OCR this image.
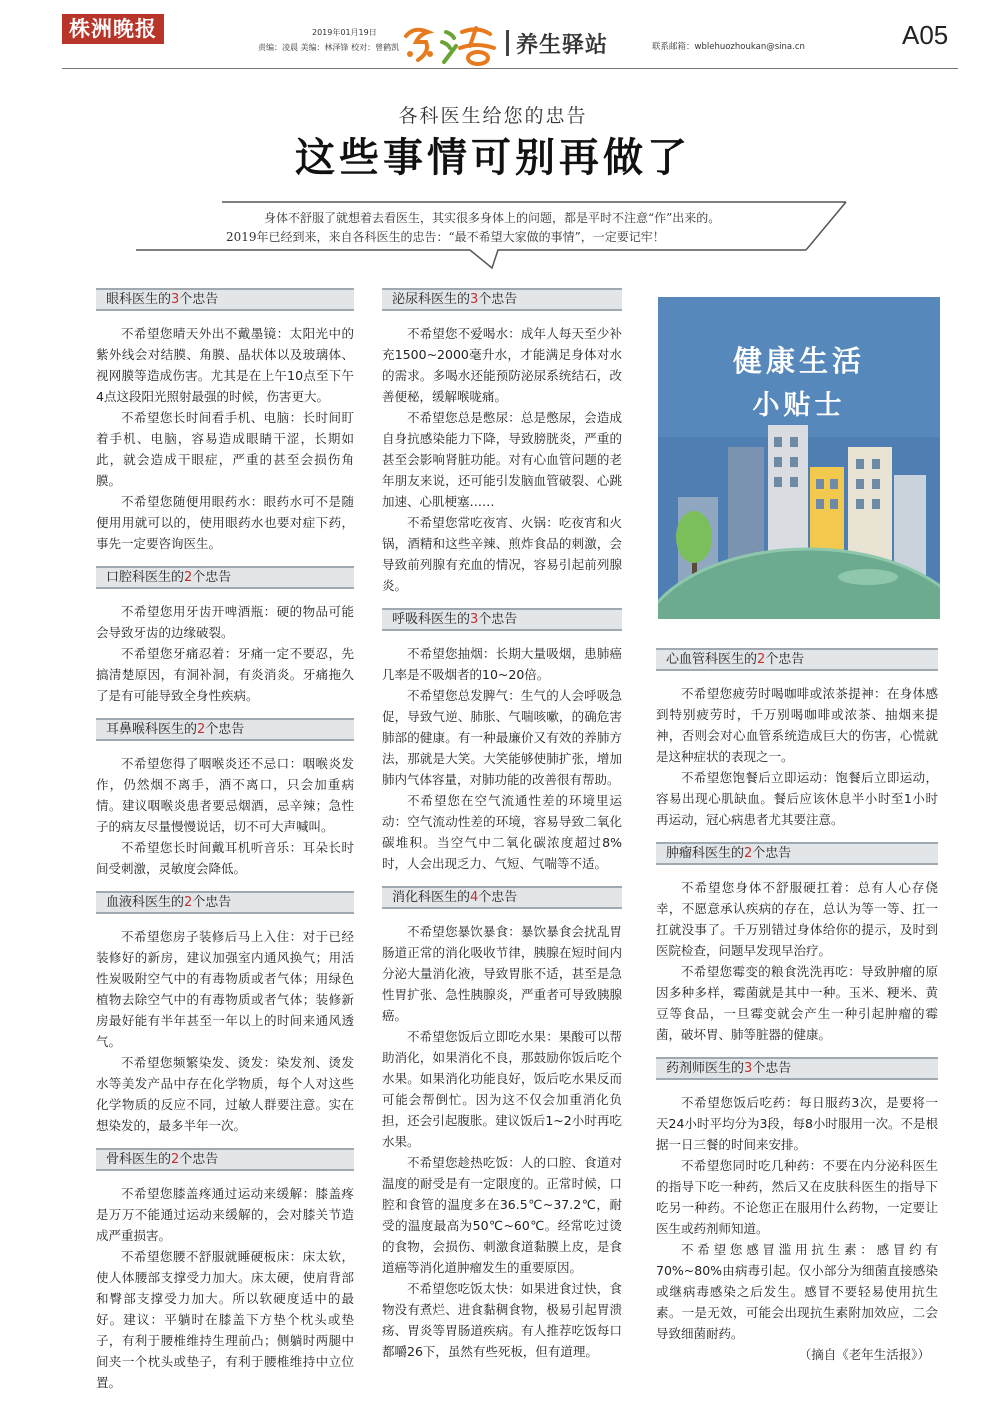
株洲晚报	2019年01月19日
责编：凌晨 美编：林泽锋 校对：曾鹤凯	养生驿站	联系邮箱：wblehuozhoukan@sina.cn	A05
各科医生给您的忠告
这些事情可别再做了

身体不舒服了就想着去看医生，其实很多身体上的问题，都是平时不注意“作”出来的。

2019年已经到来，来自各科医生的忠告：“最不希望大家做的事情”，一定要记牢！

眼科医生的3个忠告

不希望您晴天外出不戴墨镜：太阳光中的紫外线会对结膜、角膜、晶状体以及玻璃体、视网膜等造成伤害。尤其是在上午10点至下午4点这段阳光照射最强的时候，伤害更大。

不希望您长时间看手机、电脑：长时间盯着手机、电脑，容易造成眼睛干涩，长期如此，就会造成干眼症，严重的甚至会损伤角膜。

不希望您随便用眼药水：眼药水可不是随便用用就可以的，使用眼药水也要对症下药，事先一定要咨询医生。

口腔科医生的2个忠告

不希望您用牙齿开啤酒瓶：硬的物品可能会导致牙齿的边缘破裂。

不希望您牙痛忍着：牙痛一定不要忍，先搞清楚原因，有洞补洞，有炎消炎。牙痛拖久了是有可能导致全身性疾病。

耳鼻喉科医生的2个忠告

不希望您得了咽喉炎还不忌口：咽喉炎发作，仍然烟不离手，酒不离口，只会加重病情。建议咽喉炎患者要忌烟酒，忌辛辣；急性子的病友尽量慢慢说话，切不可大声喊叫。

不希望您长时间戴耳机听音乐：耳朵长时间受刺激，灵敏度会降低。

血液科医生的2个忠告

不希望您房子装修后马上入住：对于已经装修好的新房，建议加强室内通风换气；用活性炭吸附空气中的有毒物质或者气体；用绿色植物去除空气中的有毒物质或者气体；装修新房最好能有半年甚至一年以上的时间来通风透气。

不希望您频繁染发、烫发：染发剂、烫发水等美发产品中存在化学物质，每个人对这些化学物质的反应不同，过敏人群要注意。实在想染发的，最多半年一次。

骨科医生的2个忠告

不希望您膝盖疼通过运动来缓解：膝盖疼是万万不能通过运动来缓解的，会对膝关节造成严重损害。

不希望您腰不舒服就睡硬板床：床太软，使人体腰部支撑受力加大。床太硬，使肩背部和臀部支撑受力加大。所以软硬度适中的最好。建议：平躺时在膝盖下方垫个枕头或垫子，有利于腰椎维持生理前凸；侧躺时两腿中间夹一个枕头或垫子，有利于腰椎维持中立位置。

泌尿科医生的3个忠告

不希望您不爱喝水：成年人每天至少补充1500~2000毫升水，才能满足身体对水的需求。多喝水还能预防泌尿系统结石，改善便秘，缓解喉咙痛。

不希望您总是憋尿：总是憋尿，会造成自身抗感染能力下降，导致膀胱炎，严重的甚至会影响肾脏功能。对有心血管问题的老年朋友来说，还可能引发脑血管破裂、心跳加速、心肌梗塞……

不希望您常吃夜宵、火锅：吃夜宵和火锅，酒精和这些辛辣、煎炸食品的刺激，会导致前列腺有充血的情况，容易引起前列腺炎。

呼吸科医生的3个忠告

不希望您抽烟：长期大量吸烟，患肺癌几率是不吸烟者的10~20倍。

不希望您总发脾气：生气的人会呼吸急促，导致气逆、肺胀、气喘咳嗽，的确危害肺部的健康。有一种最廉价又有效的养肺方法，那就是大笑。大笑能够使肺扩张，增加肺内气体容量，对肺功能的改善很有帮助。

不希望您在空气流通性差的环境里运动：空气流动性差的环境，容易导致二氧化碳堆积。当空气中二氧化碳浓度超过8%时，人会出现乏力、气短、气喘等不适。

消化科医生的4个忠告

不希望您暴饮暴食：暴饮暴食会扰乱胃肠道正常的消化吸收节律，胰腺在短时间内分泌大量消化液，导致胃胀不适，甚至是急性胃扩张、急性胰腺炎，严重者可导致胰腺癌。

不希望您饭后立即吃水果：果酸可以帮助消化，如果消化不良，那鼓励你饭后吃个水果。如果消化功能良好，饭后吃水果反而可能会帮倒忙。因为这不仅会加重消化负担，还会引起腹胀。建议饭后1~2小时再吃水果。

不希望您趁热吃饭：人的口腔、食道对温度的耐受是有一定限度的。正常时候，口腔和食管的温度多在36.5℃~37.2℃，耐受的温度最高为50℃~60℃。经常吃过烫的食物，会损伤、刺激食道黏膜上皮，是食道癌等消化道肿瘤发生的重要原因。

不希望您吃饭太快：如果进食过快，食物没有煮烂、进食黏稠食物，极易引起胃溃疡、胃炎等胃肠道疾病。有人推荐吃饭每口都嚼26下，虽然有些死板，但有道理。

健康生活
小贴士
心血管科医生的2个忠告

不希望您疲劳时喝咖啡或浓茶提神：在身体感到特别疲劳时，千万别喝咖啡或浓茶、抽烟来提神，否则会对心血管系统造成巨大的伤害，心慌就是这种症状的表现之一。

不希望您饱餐后立即运动：饱餐后立即运动，容易出现心肌缺血。餐后应该休息半小时至1小时再运动，冠心病患者尤其要注意。

肿瘤科医生的2个忠告

不希望您身体不舒服硬扛着：总有人心存侥幸，不愿意承认疾病的存在，总认为等一等、扛一扛就没事了。千万别错过身体给你的提示，及时到医院检查，问题早发现早治疗。

不希望您霉变的粮食洗洗再吃：导致肿瘤的原因多种多样，霉菌就是其中一种。玉米、粳米、黄豆等食品，一旦霉变就会产生一种引起肿瘤的霉菌，破坏胃、肺等脏器的健康。

药剂师医生的3个忠告

不希望您饭后吃药：每日服药3次，是要将一天24小时平均分为3段，每8小时服用一次。不是根据一日三餐的时间来安排。

不希望您同时吃几种药：不要在内分泌科医生的指导下吃一种药，然后又在皮肤科医生的指导下吃另一种药。不论您正在服用什么药物，一定要让医生或药剂师知道。

不希望您感冒滥用抗生素：感冒约有70%~80%由病毒引起。仅小部分为细菌直接感染或继病毒感染之后发生。感冒不要轻易使用抗生素。一是无效，可能会出现抗生素附加效应，二会导致细菌耐药。

（摘自《老年生活报》）
